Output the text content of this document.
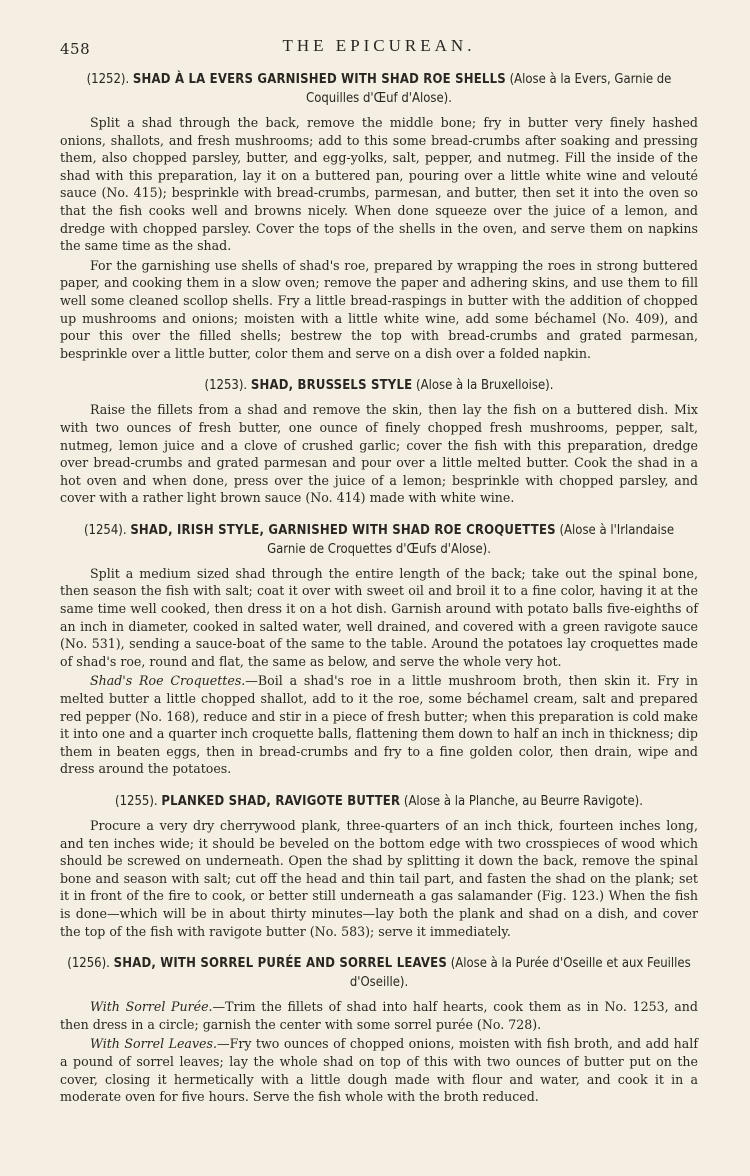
458	THE EPICUREAN.

(1252). SHAD À LA EVERS GARNISHED WITH SHAD ROE SHELLS (Alose à la Evers, Garnie de Coquilles d'Œuf d'Alose).

Split a shad through the back, remove the middle bone; fry in butter very finely hashed onions, shallots, and fresh mushrooms; add to this some bread-crumbs after soaking and pressing them, also chopped parsley, butter, and egg-yolks, salt, pepper, and nutmeg. Fill the inside of the shad with this preparation, lay it on a buttered pan, pouring over a little white wine and velouté sauce (No. 415); besprinkle with bread-crumbs, parmesan, and butter, then set it into the oven so that the fish cooks well and browns nicely. When done squeeze over the juice of a lemon, and dredge with chopped parsley. Cover the tops of the shells in the oven, and serve them on napkins the same time as the shad.

For the garnishing use shells of shad's roe, prepared by wrapping the roes in strong buttered paper, and cooking them in a slow oven; remove the paper and adhering skins, and use them to fill well some cleaned scollop shells. Fry a little bread-raspings in butter with the addition of chopped up mushrooms and onions; moisten with a little white wine, add some béchamel (No. 409), and pour this over the filled shells; bestrew the top with bread-crumbs and grated parmesan, besprinkle over a little butter, color them and serve on a dish over a folded napkin.

(1253). SHAD, BRUSSELS STYLE (Alose à la Bruxelloise).

Raise the fillets from a shad and remove the skin, then lay the fish on a buttered dish. Mix with two ounces of fresh butter, one ounce of finely chopped fresh mushrooms, pepper, salt, nutmeg, lemon juice and a clove of crushed garlic; cover the fish with this preparation, dredge over bread-crumbs and grated parmesan and pour over a little melted butter. Cook the shad in a hot oven and when done, press over the juice of a lemon; besprinkle with chopped parsley, and cover with a rather light brown sauce (No. 414) made with white wine.

(1254). SHAD, IRISH STYLE, GARNISHED WITH SHAD ROE CROQUETTES (Alose à l'Irlandaise Garnie de Croquettes d'Œufs d'Alose).

Split a medium sized shad through the entire length of the back; take out the spinal bone, then season the fish with salt; coat it over with sweet oil and broil it to a fine color, having it at the same time well cooked, then dress it on a hot dish. Garnish around with potato balls five-eighths of an inch in diameter, cooked in salted water, well drained, and covered with a green ravigote sauce (No. 531), sending a sauce-boat of the same to the table. Around the potatoes lay croquettes made of shad's roe, round and flat, the same as below, and serve the whole very hot.

Shad's Roe Croquettes.—Boil a shad's roe in a little mushroom broth, then skin it. Fry in melted butter a little chopped shallot, add to it the roe, some béchamel cream, salt and prepared red pepper (No. 168), reduce and stir in a piece of fresh butter; when this preparation is cold make it into one and a quarter inch croquette balls, flattening them down to half an inch in thickness; dip them in beaten eggs, then in bread-crumbs and fry to a fine golden color, then drain, wipe and dress around the potatoes.

(1255). PLANKED SHAD, RAVIGOTE BUTTER (Alose à la Planche, au Beurre Ravigote).

Procure a very dry cherrywood plank, three-quarters of an inch thick, fourteen inches long, and ten inches wide; it should be beveled on the bottom edge with two crosspieces of wood which should be screwed on underneath. Open the shad by splitting it down the back, remove the spinal bone and season with salt; cut off the head and thin tail part, and fasten the shad on the plank; set it in front of the fire to cook, or better still underneath a gas salamander (Fig. 123.) When the fish is done—which will be in about thirty minutes—lay both the plank and shad on a dish, and cover the top of the fish with ravigote butter (No. 583); serve it immediately.

(1256). SHAD, WITH SORREL PURÉE AND SORREL LEAVES (Alose à la Purée d'Oseille et aux Feuilles d'Oseille).

With Sorrel Purée.—Trim the fillets of shad into half hearts, cook them as in No. 1253, and then dress in a circle; garnish the center with some sorrel purée (No. 728).

With Sorrel Leaves.—Fry two ounces of chopped onions, moisten with fish broth, and add half a pound of sorrel leaves; lay the whole shad on top of this with two ounces of butter put on the cover, closing it hermetically with a little dough made with flour and water, and cook it in a moderate oven for five hours. Serve the fish whole with the broth reduced.
